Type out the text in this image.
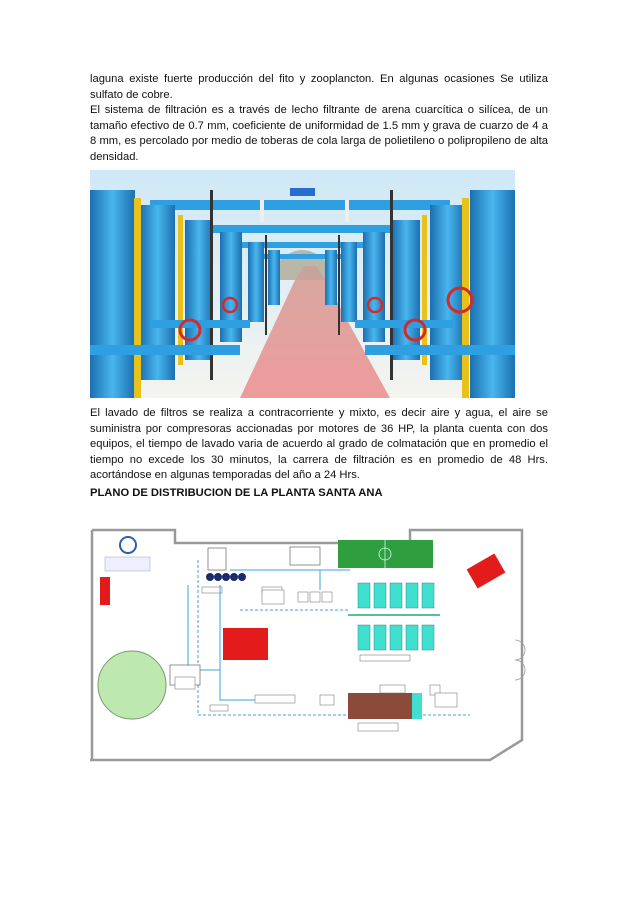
laguna existe fuerte producción del fito y zooplancton. En algunas ocasiones Se utiliza sulfato de cobre.

El sistema de filtración es a través de lecho filtrante de arena cuarcítica o silícea, de un tamaño efectivo de 0.7 mm, coeficiente de uniformidad de 1.5 mm y grava de cuarzo de 4 a 8 mm, es percolado por medio de toberas de cola larga de polietileno o polipropileno de alta densidad.

El lavado de filtros se realiza a contracorriente y mixto, es decir aire y agua, el aire se suministra por compresoras accionadas por motores de 36 HP, la planta cuenta con dos equipos, el tiempo de lavado varia de acuerdo al grado de colmatación que en promedio el tiempo no excede los 30 minutos, la carrera de filtración es en promedio de 48 Hrs. acortándose en algunas temporadas del año a 24 Hrs.

PLANO DE DISTRIBUCION DE LA PLANTA SANTA ANA
